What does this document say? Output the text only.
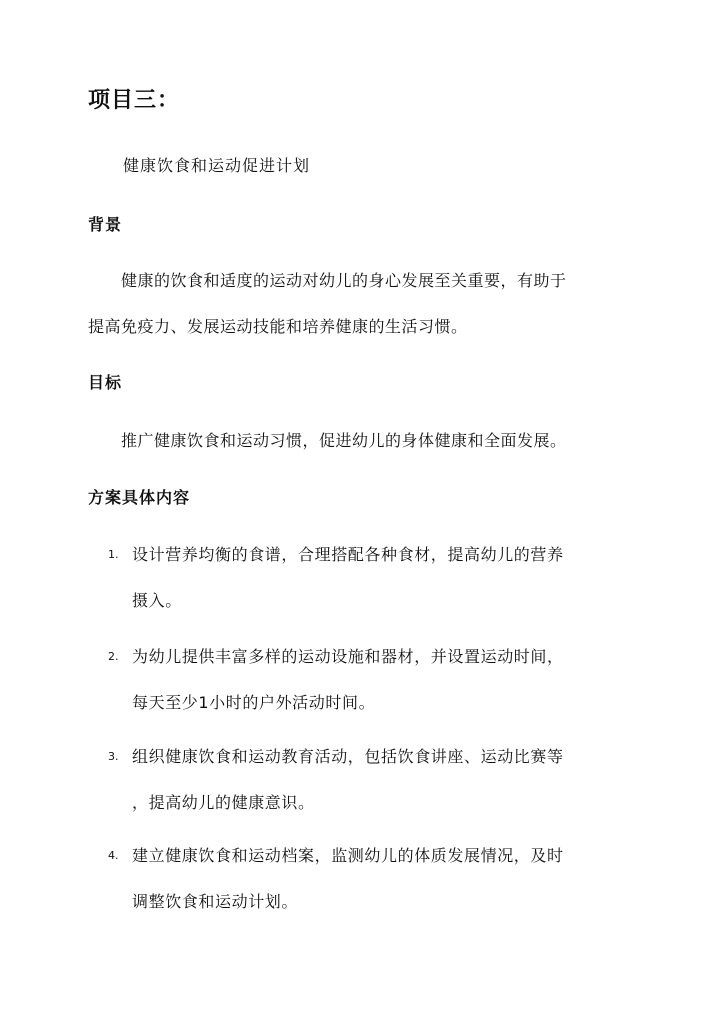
项目三：
健康饮食和运动促进计划
背景
健康的饮食和适度的运动对幼儿的身心发展至关重要，有助于
提高免疫力、发展运动技能和培养健康的生活习惯。
目标
推广健康饮食和运动习惯，促进幼儿的身体健康和全面发展。
方案具体内容
1. 设计营养均衡的食谱，合理搭配各种食材，提高幼儿的营养
摄入。
2. 为幼儿提供丰富多样的运动设施和器材，并设置运动时间，
每天至少1小时的户外活动时间。
3. 组织健康饮食和运动教育活动，包括饮食讲座、运动比赛等
，提高幼儿的健康意识。
4. 建立健康饮食和运动档案，监测幼儿的体质发展情况，及时
调整饮食和运动计划。
